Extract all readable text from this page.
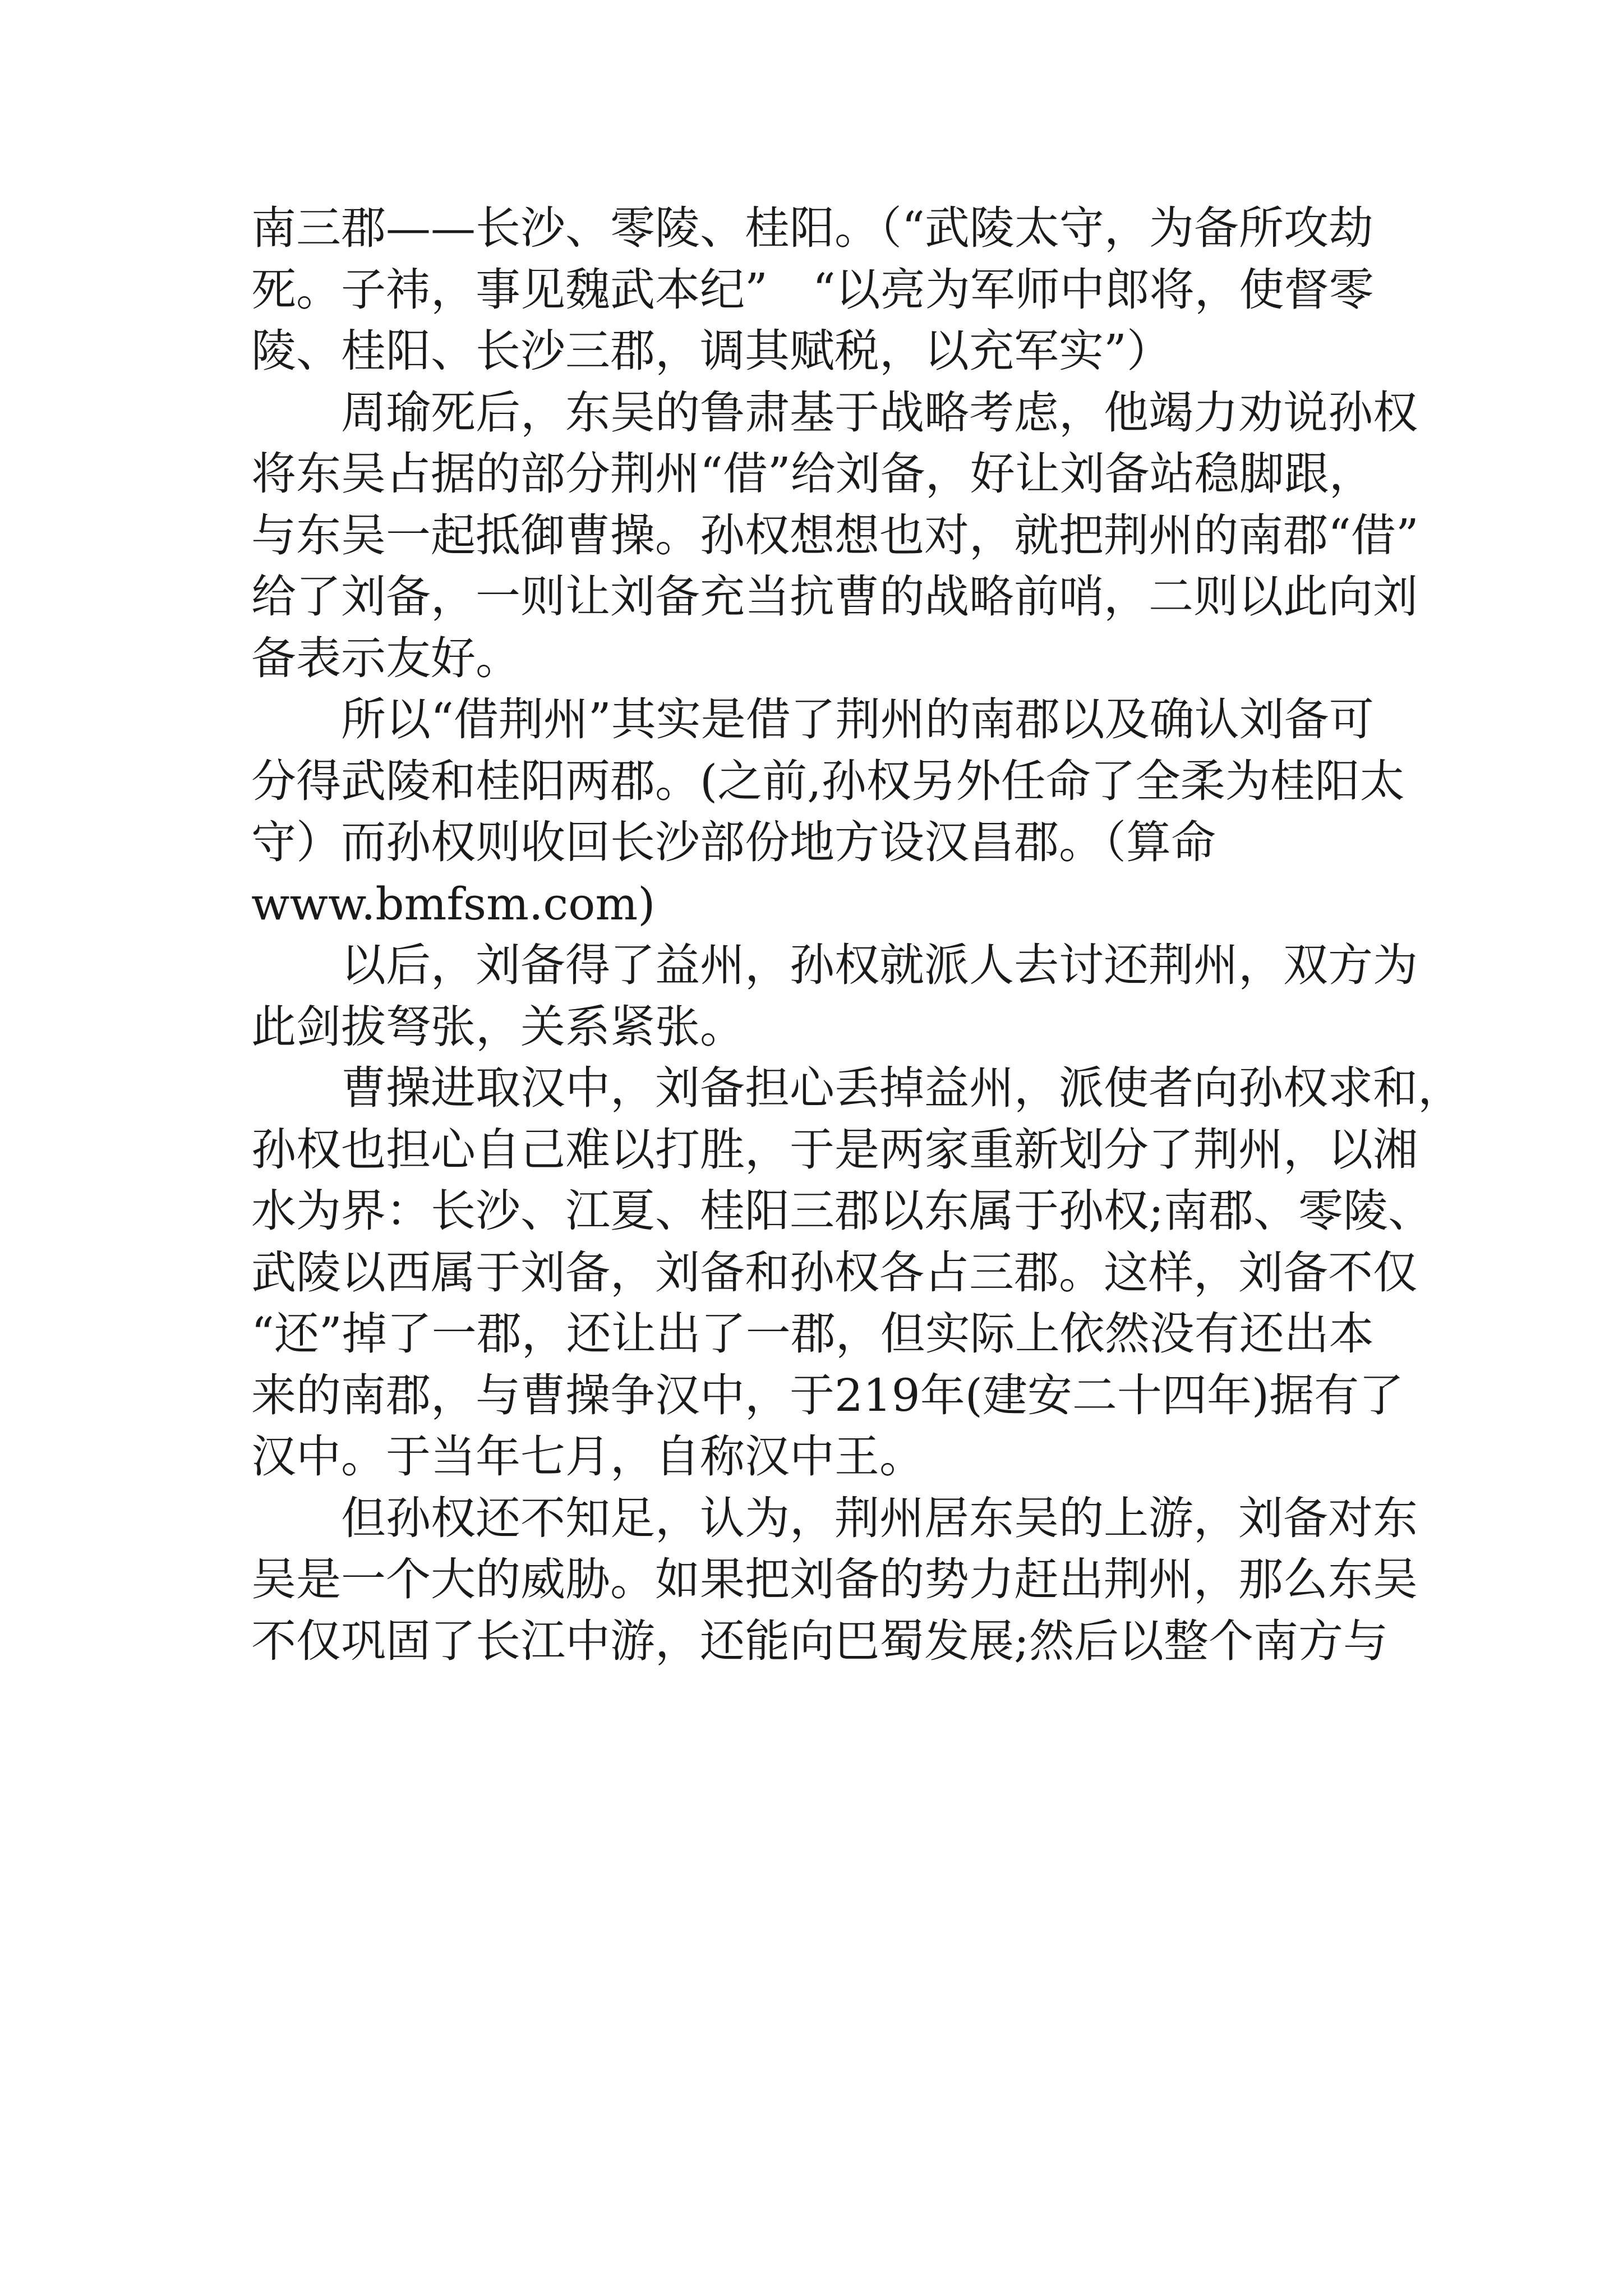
南三郡——长沙、零陵、桂阳。（“武陵太守，为备所攻劫
死。子祎，事见魏武本纪”　“以亮为军师中郎将，使督零
陵、桂阳、长沙三郡，调其赋税，以充军实”）
周瑜死后，东吴的鲁肃基于战略考虑，他竭力劝说孙权
将东吴占据的部分荆州“借”给刘备，好让刘备站稳脚跟，
与东吴一起抵御曹操。孙权想想也对，就把荆州的南郡“借”
给了刘备，一则让刘备充当抗曹的战略前哨，二则以此向刘
备表示友好。
所以“借荆州”其实是借了荆州的南郡以及确认刘备可
分得武陵和桂阳两郡。(之前,孙权另外任命了全柔为桂阳太
守）而孙权则收回长沙部份地方设汉昌郡。（算命
www.bmfsm.com)
以后，刘备得了益州，孙权就派人去讨还荆州，双方为
此剑拔弩张，关系紧张。
曹操进取汉中，刘备担心丢掉益州，派使者向孙权求和，
孙权也担心自己难以打胜，于是两家重新划分了荆州，以湘
水为界：长沙、江夏、桂阳三郡以东属于孙权;南郡、零陵、
武陵以西属于刘备，刘备和孙权各占三郡。这样，刘备不仅
“还”掉了一郡，还让出了一郡，但实际上依然没有还出本
来的南郡，与曹操争汉中，于219年(建安二十四年)据有了
汉中。于当年七月，自称汉中王。
但孙权还不知足，认为，荆州居东吴的上游，刘备对东
吴是一个大的威胁。如果把刘备的势力赶出荆州，那么东吴
不仅巩固了长江中游，还能向巴蜀发展;然后以整个南方与
